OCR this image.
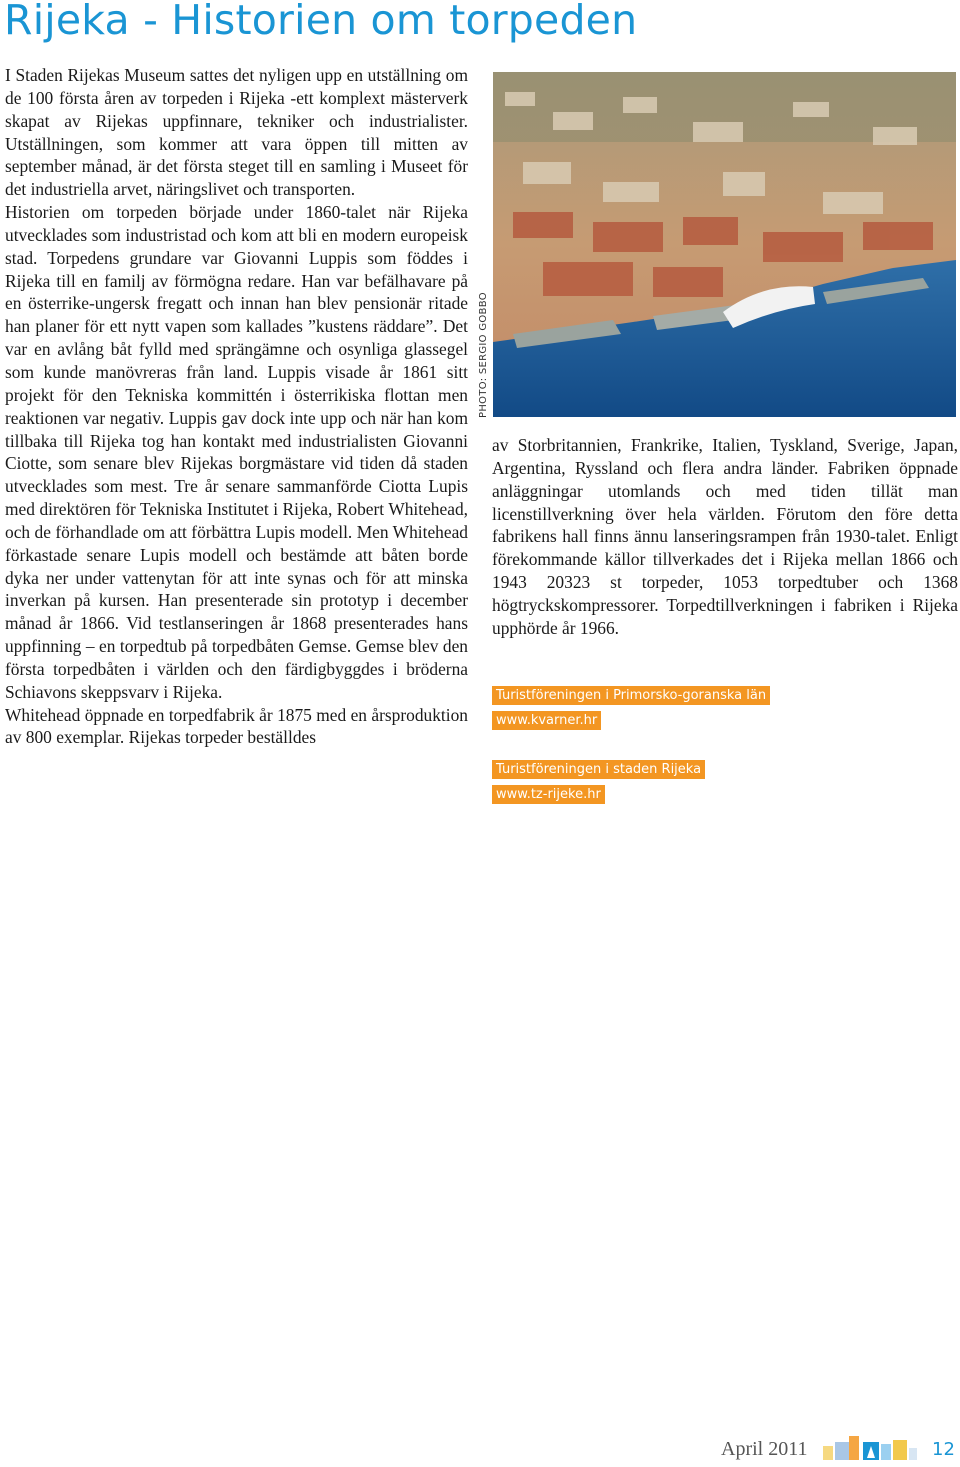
Rijeka - Historien om torpeden

I Staden Rijekas Museum sattes det nyligen upp en utställning om de 100 första åren av torpeden i Rijeka -ett komplext mästerverk skapat av Rijekas uppfinnare, tekniker och industrialister. Utställningen, som kommer att vara öppen till mitten av september månad, är det första steget till en samling i Museet för det industriella arvet, näringslivet och transporten.

Historien om torpeden började under 1860-talet när Rijeka utvecklades som industristad och kom att bli en modern europeisk stad. Torpedens grundare var Giovanni Luppis som föddes i Rijeka till en familj av förmögna redare. Han var befälhavare på en österrike-ungersk fregatt och innan han blev pensionär ritade han planer för ett nytt vapen som kallades ”kustens räddare”. Det var en avlång båt fylld med sprängämne och osynliga glassegel som kunde manövreras från land. Luppis visade år 1861 sitt projekt för den Tekniska kommittén i österrikiska flottan men reaktionen var negativ. Luppis gav dock inte upp och när han kom tillbaka till Rijeka tog han kontakt med industrialisten Giovanni Ciotte, som senare blev Rijekas borgmästare vid tiden då staden utvecklades som mest. Tre år senare sammanförde Ciotta Lupis med direktören för Tekniska Institutet i Rijeka, Robert Whitehead, och de förhandlade om att förbättra Lupis modell. Men Whitehead förkastade senare Lupis modell och bestämde att båten borde dyka ner under vattenytan för att inte synas och för att minska inverkan på kursen. Han presenterade sin prototyp i december månad år 1866. Vid testlanseringen år 1868 presenterades hans uppfinning – en torpedtub på torpedbåten Gemse. Gemse blev den första torpedbåten i världen och den färdigbyggdes i bröderna Schiavons skeppsvarv i Rijeka.

Whitehead öppnade en torpedfabrik år 1875 med en årsproduktion av 800 exemplar. Rijekas torpeder beställdes

PHOTO: SERGIO GOBBO

av Storbritannien, Frankrike, Italien, Tyskland, Sverige, Japan, Argentina, Ryssland och flera andra länder. Fabriken öppnade anläggningar utomlands och med tiden tillät man licenstillverkning över hela världen. Förutom den före detta fabrikens hall finns ännu lanseringsrampen från 1930-talet. Enligt förekommande källor tillverkades det i Rijeka mellan 1866 och 1943 20323 st torpeder, 1053 torpedtuber och 1368 högtryckskompressorer. Torpedtillverkningen i fabriken i Rijeka upphörde år 1966.

Turistföreningen i Primorsko-goranska län
www.kvarner.hr
Turistföreningen i staden Rijeka
www.tz-rijeke.hr
April 2011	12
